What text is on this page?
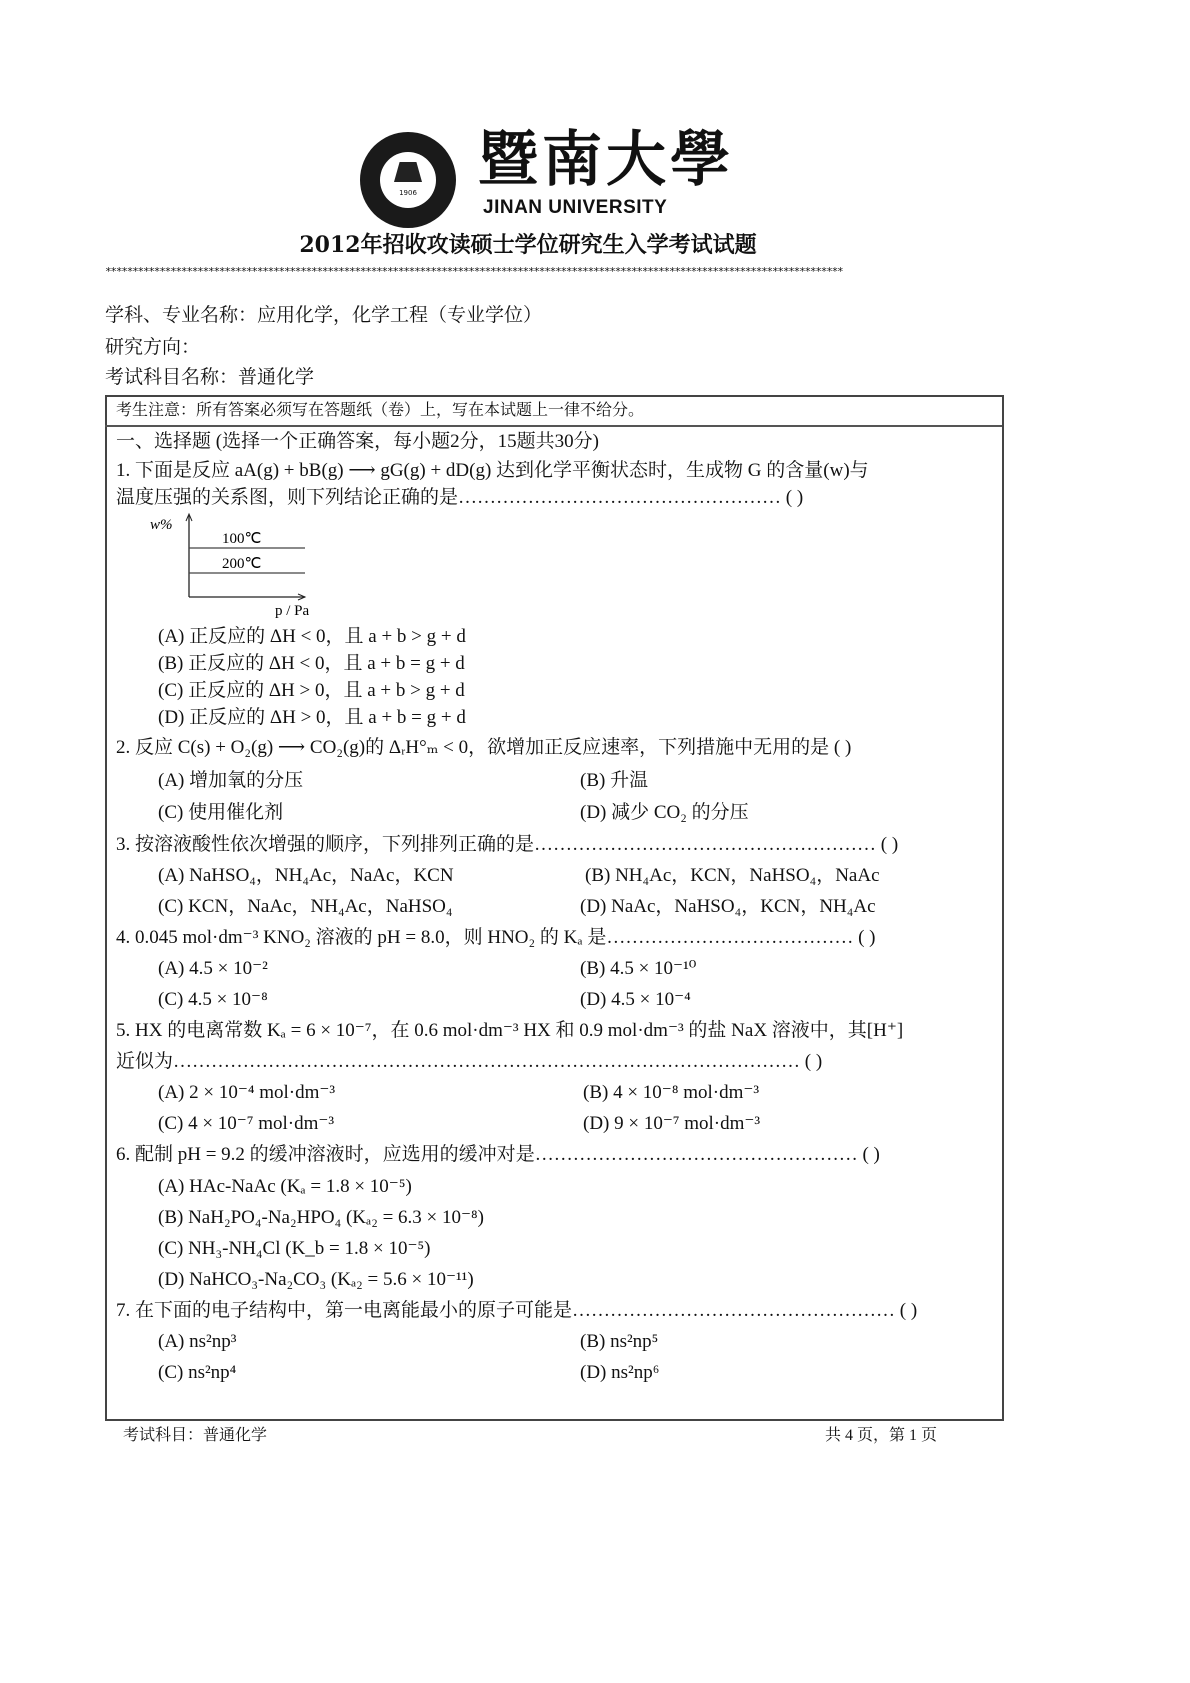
1906	暨南大學
JINAN UNIVERSITY
2012年招收攻读硕士学位研究生入学考试试题
****************************************************************************************************************************************
学科、专业名称：应用化学，化学工程（专业学位）
研究方向：
考试科目名称：普通化学
考生注意：所有答案必须写在答题纸（卷）上，写在本试题上一律不给分。
一、选择题 (选择一个正确答案，每小题2分，15题共30分)
1. 下面是反应 aA(g) + bB(g) ⟶ gG(g) + dD(g) 达到化学平衡状态时，生成物 G 的含量(w)与
温度压强的关系图，则下列结论正确的是…………………………………………… ( )
w%
100℃
200℃
p / Pa
(A) 正反应的 ΔH < 0，且 a + b > g + d
(B) 正反应的 ΔH < 0，且 a + b = g + d
(C) 正反应的 ΔH > 0，且 a + b > g + d
(D) 正反应的 ΔH > 0，且 a + b = g + d
2. 反应 C(s) + O₂(g) ⟶ CO₂(g)的 ΔᵣH°ₘ < 0，欲增加正反应速率，下列措施中无用的是 ( )
(A) 增加氧的分压	(B) 升温
(C) 使用催化剂	(D) 减少 CO₂ 的分压
3. 按溶液酸性依次增强的顺序，下列排列正确的是……………………………………………… ( )
(A) NaHSO₄，NH₄Ac，NaAc，KCN	(B) NH₄Ac，KCN，NaHSO₄，NaAc
(C) KCN，NaAc，NH₄Ac，NaHSO₄	(D) NaAc，NaHSO₄，KCN，NH₄Ac
4. 0.045 mol·dm⁻³ KNO₂ 溶液的 pH = 8.0，则 HNO₂ 的 Kₐ 是………………………………… ( )
(A) 4.5 × 10⁻²	(B) 4.5 × 10⁻¹⁰
(C) 4.5 × 10⁻⁸	(D) 4.5 × 10⁻⁴
5. HX 的电离常数 Kₐ = 6 × 10⁻⁷，在 0.6 mol·dm⁻³ HX 和 0.9 mol·dm⁻³ 的盐 NaX 溶液中，其[H⁺]
近似为……………………………………………………………………………………… ( )
(A) 2 × 10⁻⁴ mol·dm⁻³	(B) 4 × 10⁻⁸ mol·dm⁻³
(C) 4 × 10⁻⁷ mol·dm⁻³	(D) 9 × 10⁻⁷ mol·dm⁻³
6. 配制 pH = 9.2 的缓冲溶液时，应选用的缓冲对是…………………………………………… ( )
(A) HAc-NaAc (Kₐ = 1.8 × 10⁻⁵)
(B) NaH₂PO₄-Na₂HPO₄ (Kₐ₂ = 6.3 × 10⁻⁸)
(C) NH₃-NH₄Cl (K_b = 1.8 × 10⁻⁵)
(D) NaHCO₃-Na₂CO₃ (Kₐ₂ = 5.6 × 10⁻¹¹)
7. 在下面的电子结构中，第一电离能最小的原子可能是…………………………………………… ( )
(A) ns²np³	(B) ns²np⁵
(C) ns²np⁴	(D) ns²np⁶
考试科目：普通化学	共 4 页，第 1 页
